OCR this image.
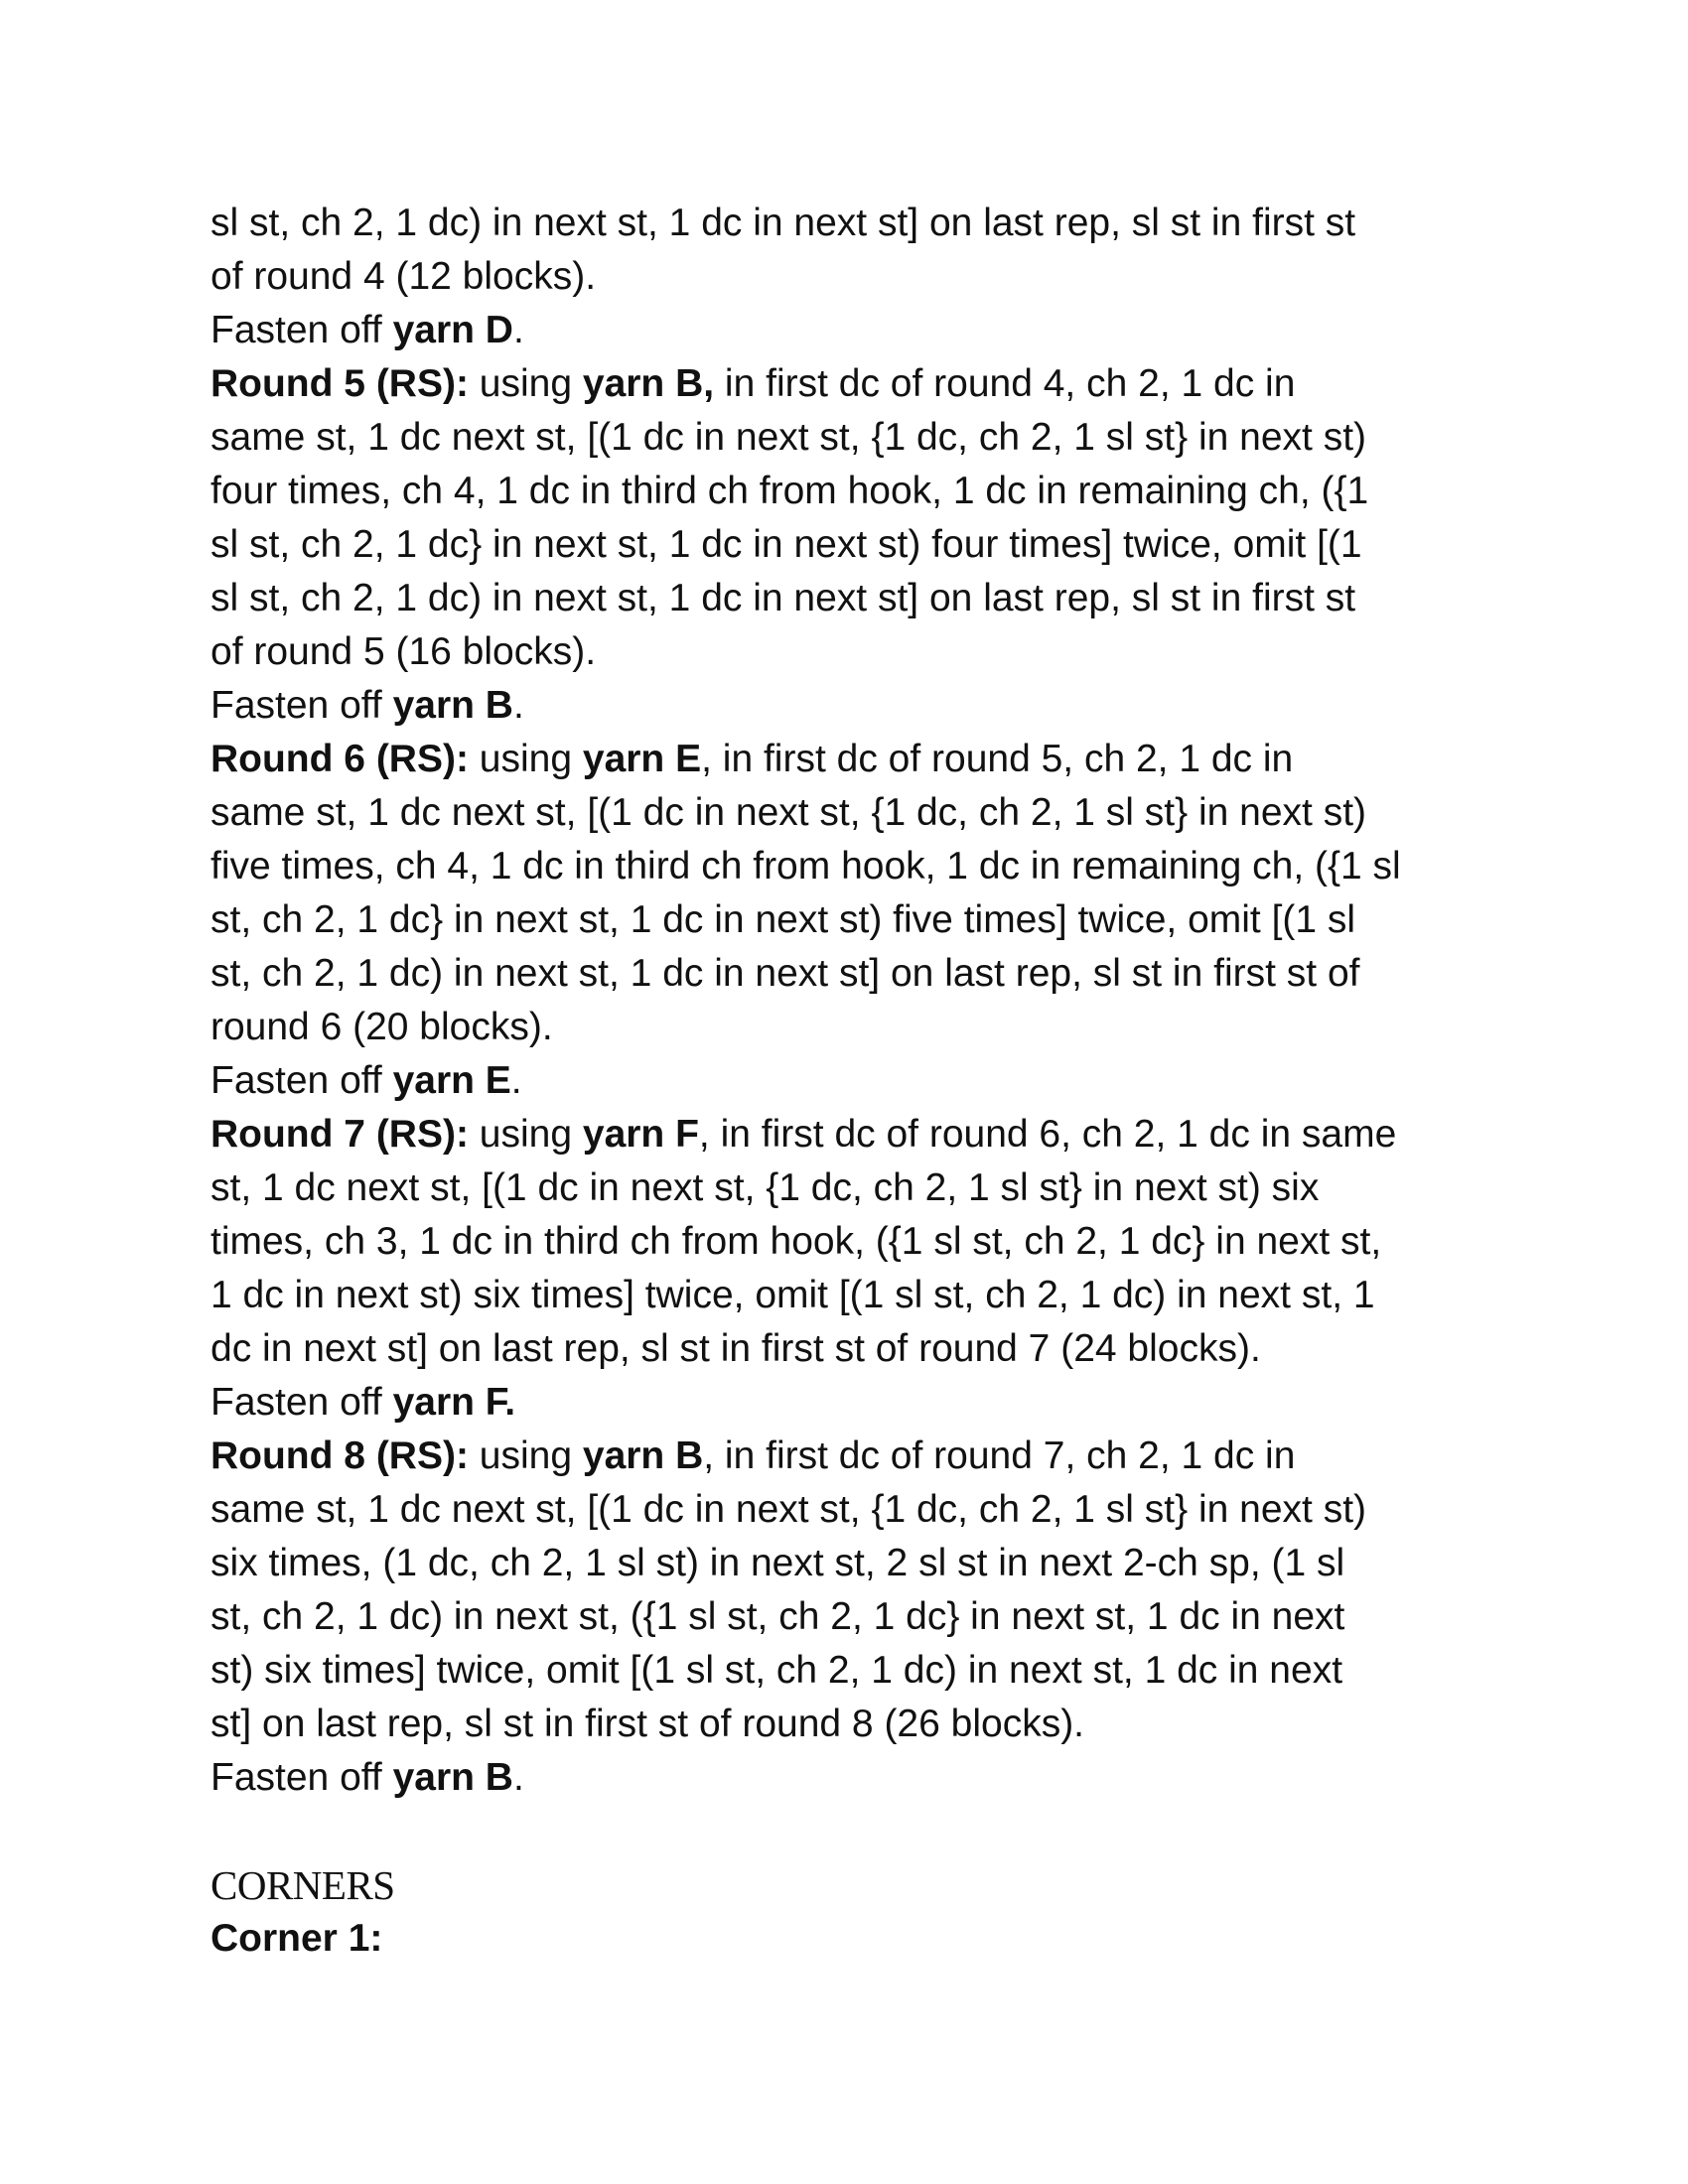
sl st, ch 2, 1 dc) in next st, 1 dc in next st] on last rep, sl st in first st
of round 4 (12 blocks).

Fasten off yarn D.

Round 5 (RS): using yarn B, in first dc of round 4, ch 2, 1 dc in
same st, 1 dc next st, [(1 dc in next st, {1 dc, ch 2, 1 sl st} in next st)
four times, ch 4, 1 dc in third ch from hook, 1 dc in remaining ch, ({1
sl st, ch 2, 1 dc} in next st, 1 dc in next st) four times] twice, omit [(1
sl st, ch 2, 1 dc) in next st, 1 dc in next st] on last rep, sl st in first st
of round 5 (16 blocks).

Fasten off yarn B.

Round 6 (RS): using yarn E, in first dc of round 5, ch 2, 1 dc in
same st, 1 dc next st, [(1 dc in next st, {1 dc, ch 2, 1 sl st} in next st)
five times, ch 4, 1 dc in third ch from hook, 1 dc in remaining ch, ({1 sl
st, ch 2, 1 dc} in next st, 1 dc in next st) five times] twice, omit [(1 sl
st, ch 2, 1 dc) in next st, 1 dc in next st] on last rep, sl st in first st of
round 6 (20 blocks).

Fasten off yarn E.

Round 7 (RS): using yarn F, in first dc of round 6, ch 2, 1 dc in same
st, 1 dc next st, [(1 dc in next st, {1 dc, ch 2, 1 sl st} in next st) six
times, ch 3, 1 dc in third ch from hook, ({1 sl st, ch 2, 1 dc} in next st,
1 dc in next st) six times] twice, omit [(1 sl st, ch 2, 1 dc) in next st, 1
dc in next st] on last rep, sl st in first st of round 7 (24 blocks).

Fasten off yarn F.

Round 8 (RS): using yarn B, in first dc of round 7, ch 2, 1 dc in
same st, 1 dc next st, [(1 dc in next st, {1 dc, ch 2, 1 sl st} in next st)
six times, (1 dc, ch 2, 1 sl st) in next st, 2 sl st in next 2-ch sp, (1 sl
st, ch 2, 1 dc) in next st, ({1 sl st, ch 2, 1 dc} in next st, 1 dc in next
st) six times] twice, omit [(1 sl st, ch 2, 1 dc) in next st, 1 dc in next
st] on last rep, sl st in first st of round 8 (26 blocks).

Fasten off yarn B.

CORNERS

Corner 1:
